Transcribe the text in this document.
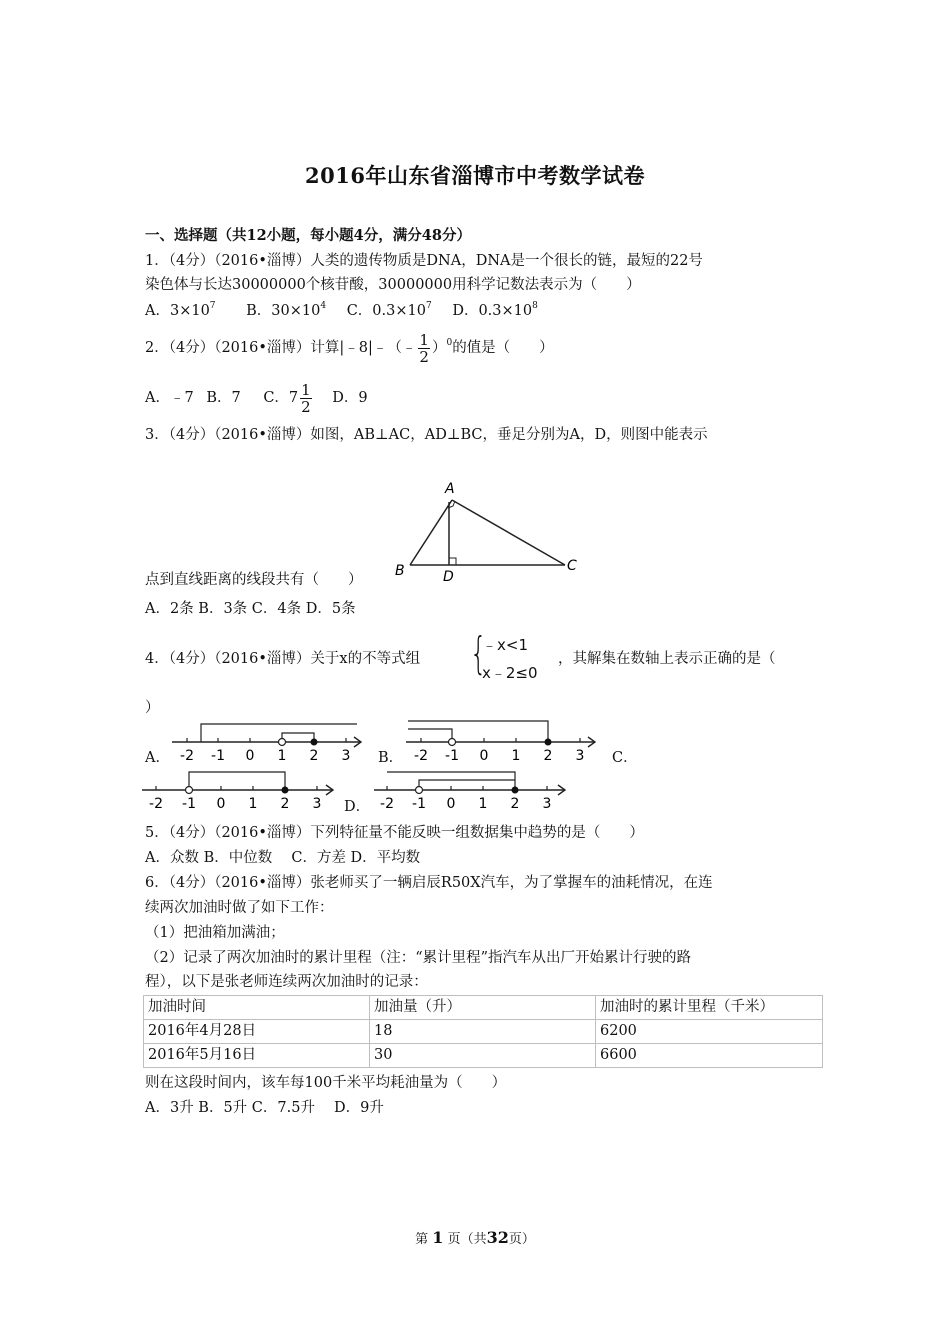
2016年山东省淄博市中考数学试卷
一、选择题（共12小题，每小题4分，满分48分）
1．（4分）（2016•淄博）人类的遗传物质是DNA，DNA是一个很长的链，最短的22号
染色体与长达30000000个核苷酸，30000000用科学记数法表示为（　　）
A．$3\times 10^7$ B．$30\times 10^4$ C．$0.3\times 10^7$ D．$0.3\times 10^8$
2．（4分）（2016•淄博）计算|﹣8|﹣（﹣ $\frac{1}{2} )^0$的值是（　　）
A．﹣7 B．7 C．$7 \frac{1}{2}$ D．9
3．（4分）（2016•淄博）如图，AB⊥AC，AD⊥BC，垂足分别为A，D，则图中能表示
A
B	C
D
点到直线距离的线段共有（　　）
A．2条 B．3条 C．4条 D．5条
4．（4分）（2016•淄博）关于x的不等式组 {
﹣x<1
x﹣2≤0
，其解集在数轴上表示正确的是（
）
A． -2 -1 0 1 2 3 B． -2 -1 0 1 2 3 C．
-2 -1 0 1 2 3 D． -2 -1 0 1 2 3
5．（4分）（2016•淄博）下列特征量不能反映一组数据集中趋势的是（　　）
A．众数 B．中位数　 C．方差 D．平均数
6．（4分）（2016•淄博）张老师买了一辆启辰R50X汽车，为了掌握车的油耗情况，在连
续两次加油时做了如下工作：
（1）把油箱加满油；
（2）记录了两次加油时的累计里程（注：“累计里程”指汽车从出厂开始累计行驶的路
程），以下是张老师连续两次加油时的记录：
加油时间	加油量（升）	加油时的累计里程（千米）
2016年4月28日	18	6200
2016年5月16日	30	6600
则在这段时间内，该车每100千米平均耗油量为（　　）
A．3升 B．5升 C．7.5升　 D．9升
第 1 页（共32页）
